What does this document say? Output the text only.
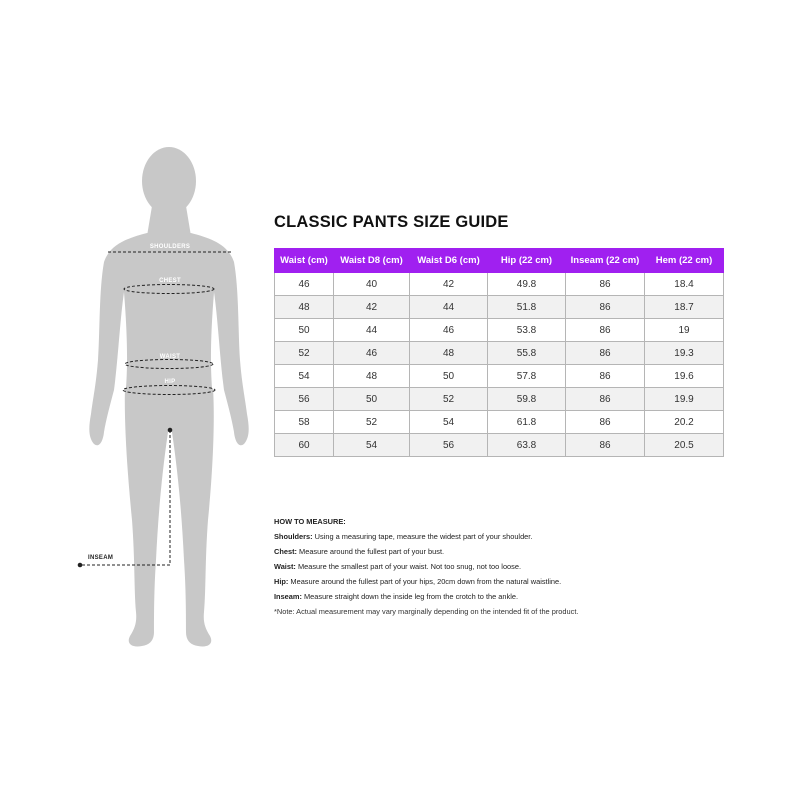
SHOULDERS
CHEST
WAIST
HIP
INSEAM
CLASSIC PANTS SIZE GUIDE
Waist (cm)	Waist D8 (cm)	Waist D6 (cm)	Hip (22 cm)	Inseam (22 cm)	Hem (22 cm)
46	40	42	49.8	86	18.4
48	42	44	51.8	86	18.7
50	44	46	53.8	86	19
52	46	48	55.8	86	19.3
54	48	50	57.8	86	19.6
56	50	52	59.8	86	19.9
58	52	54	61.8	86	20.2
60	54	56	63.8	86	20.5
HOW TO MEASURE:
Shoulders: Using a measuring tape, measure the widest part of your shoulder.
Chest: Measure around the fullest part of your bust.
Waist: Measure the smallest part of your waist. Not too snug, not too loose.
Hip: Measure around the fullest part of your hips, 20cm down from the natural waistline.
Inseam: Measure straight down the inside leg from the crotch to the ankle.
*Note: Actual measurement may vary marginally depending on the intended fit of the product.
